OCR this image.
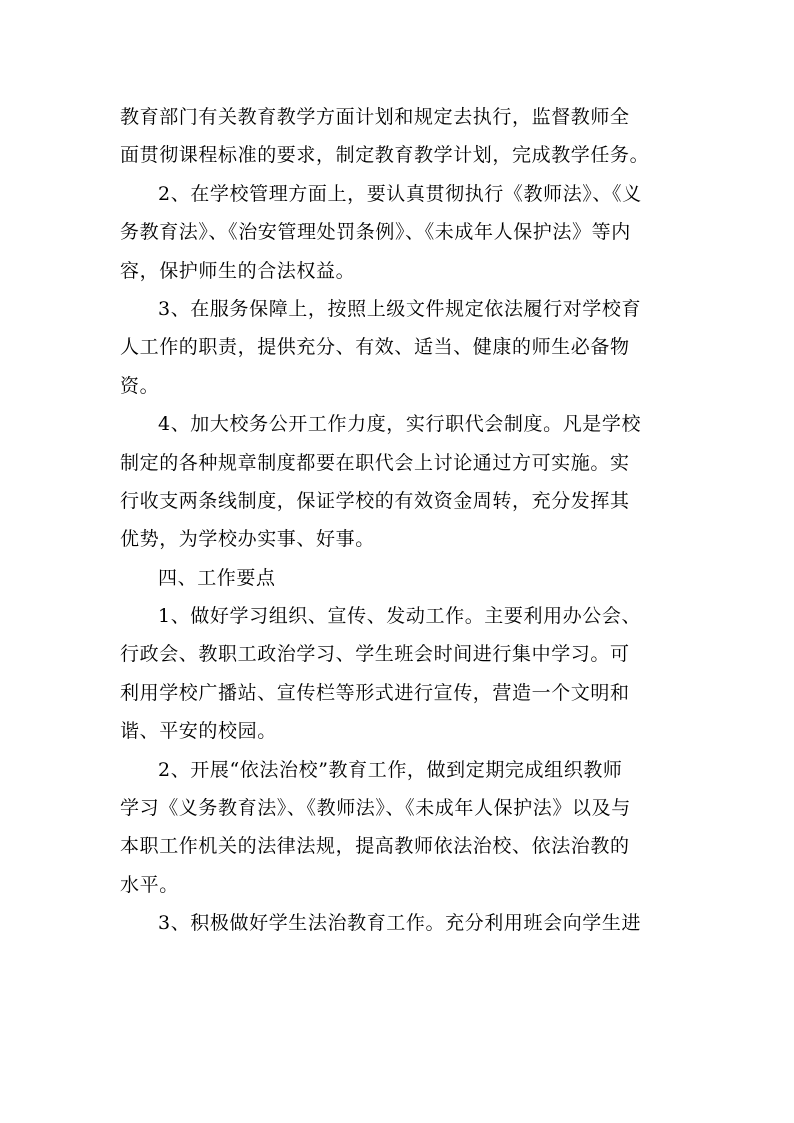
教育部门有关教育教学方面计划和规定去执行，监督教师全
面贯彻课程标准的要求，制定教育教学计划，完成教学任务。
2、在学校管理方面上，要认真贯彻执行《教师法》、《义
务教育法》、《治安管理处罚条例》、《未成年人保护法》等内
容，保护师生的合法权益。
3、在服务保障上，按照上级文件规定依法履行对学校育
人工作的职责，提供充分、有效、适当、健康的师生必备物
资。
4、加大校务公开工作力度，实行职代会制度。凡是学校
制定的各种规章制度都要在职代会上讨论通过方可实施。实
行收支两条线制度，保证学校的有效资金周转，充分发挥其
优势，为学校办实事、好事。
四、工作要点
1、做好学习组织、宣传、发动工作。主要利用办公会、
行政会、教职工政治学习、学生班会时间进行集中学习。可
利用学校广播站、宣传栏等形式进行宣传，营造一个文明和
谐、平安的校园。
2、开展“依法治校”教育工作，做到定期完成组织教师
学习《义务教育法》、《教师法》、《未成年人保护法》以及与
本职工作机关的法律法规，提高教师依法治校、依法治教的
水平。
3、积极做好学生法治教育工作。充分利用班会向学生进
